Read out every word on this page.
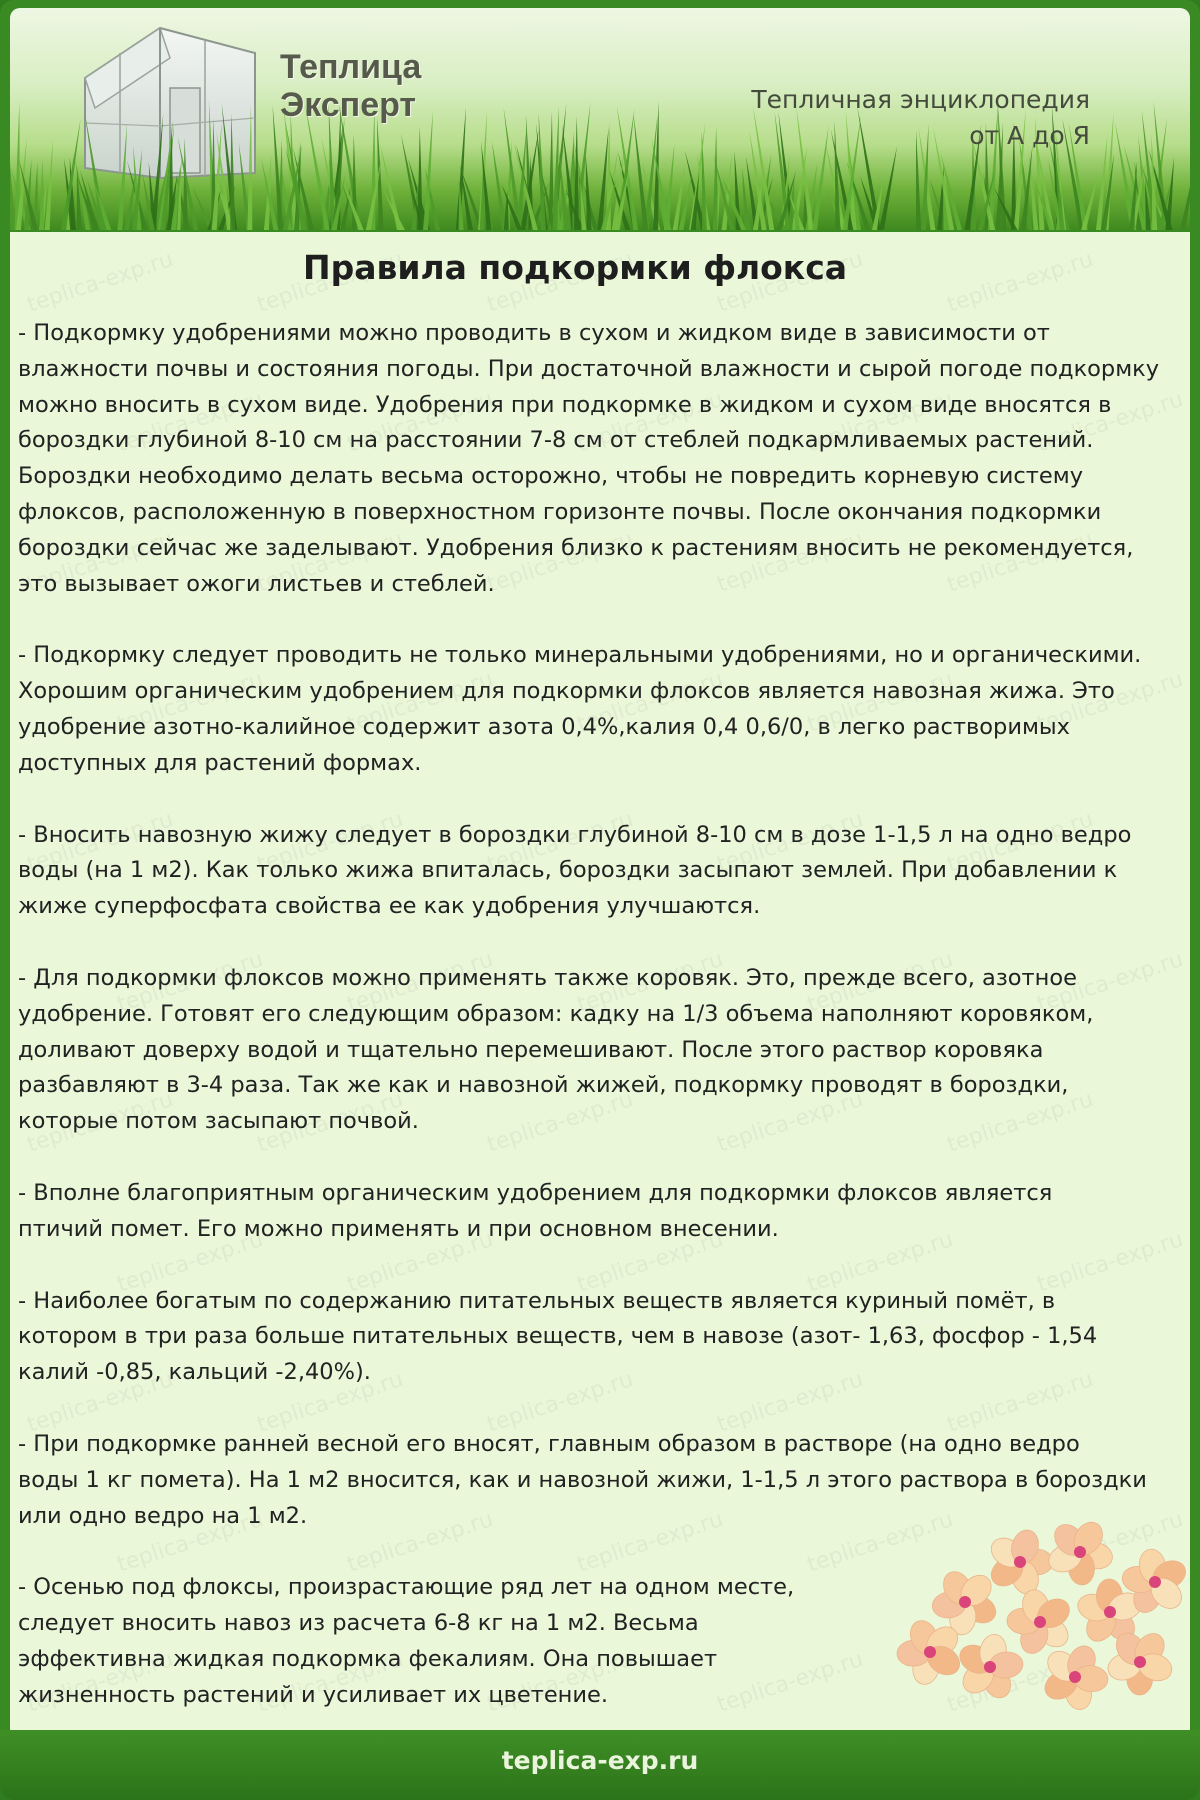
Теплица
Эксперт	Тепличная энциклопедия
от А до Я
Правила подкормки флокса

- Подкормку удобрениями можно проводить в сухом и жидком виде в зависимости от
влажности почвы и состояния погоды. При достаточной влажности и сырой погоде подкормку
можно вносить в сухом виде. Удобрения при подкормке в жидком и сухом виде вносятся в
бороздки глубиной 8-10 см на расстоянии 7-8 см от стеблей подкармливаемых растений.
Бороздки необходимо делать весьма осторожно, чтобы не повредить корневую систему
флоксов, расположенную в поверхностном горизонте почвы. После окончания подкормки
бороздки сейчас же заделывают. Удобрения близко к растениям вносить не рекомендуется,
это вызывает ожоги листьев и стеблей.

- Подкормку следует проводить не только минеральными удобрениями, но и органическими.
Хорошим органическим удобрением для подкормки флоксов является навозная жижа. Это
удобрение азотно-калийное содержит азота 0,4%,калия 0,4 0,6/0, в легко растворимых
доступных для растений формах.

- Вносить навозную жижу следует в бороздки глубиной 8-10 см в дозе 1-1,5 л на одно ведро
воды (на 1 м2). Как только жижа впиталась, бороздки засыпают землей. При добавлении к
жиже суперфосфата свойства ее как удобрения улучшаются.

- Для подкормки флоксов можно применять также коровяк. Это, прежде всего, азотное
удобрение. Готовят его следующим образом: кадку на 1/3 объема наполняют коровяком,
доливают доверху водой и тщательно перемешивают. После этого раствор коровяка
разбавляют в 3-4 раза. Так же как и навозной жижей, подкормку проводят в бороздки,
которые потом засыпают почвой.

- Вполне благоприятным органическим удобрением для подкормки флоксов является
птичий помет. Его можно применять и при основном внесении.

- Наиболее богатым по содержанию питательных веществ является куриный помёт, в
котором в три раза больше питательных веществ, чем в навозе (азот- 1,63, фосфор - 1,54
калий -0,85, кальций -2,40%).

- При подкормке ранней весной его вносят, главным образом в растворе (на одно ведро
воды 1 кг помета). На 1 м2 вносится, как и навозной жижи, 1-1,5 л этого раствора в бороздки
или одно ведро на 1 м2.

- Осенью под флоксы, произрастающие ряд лет на одном месте,
следует вносить навоз из расчета 6-8 кг на 1 м2. Весьма
эффективна жидкая подкормка фекалиям. Она повышает
жизненность растений и усиливает их цветение.

teplica-exp.ru
